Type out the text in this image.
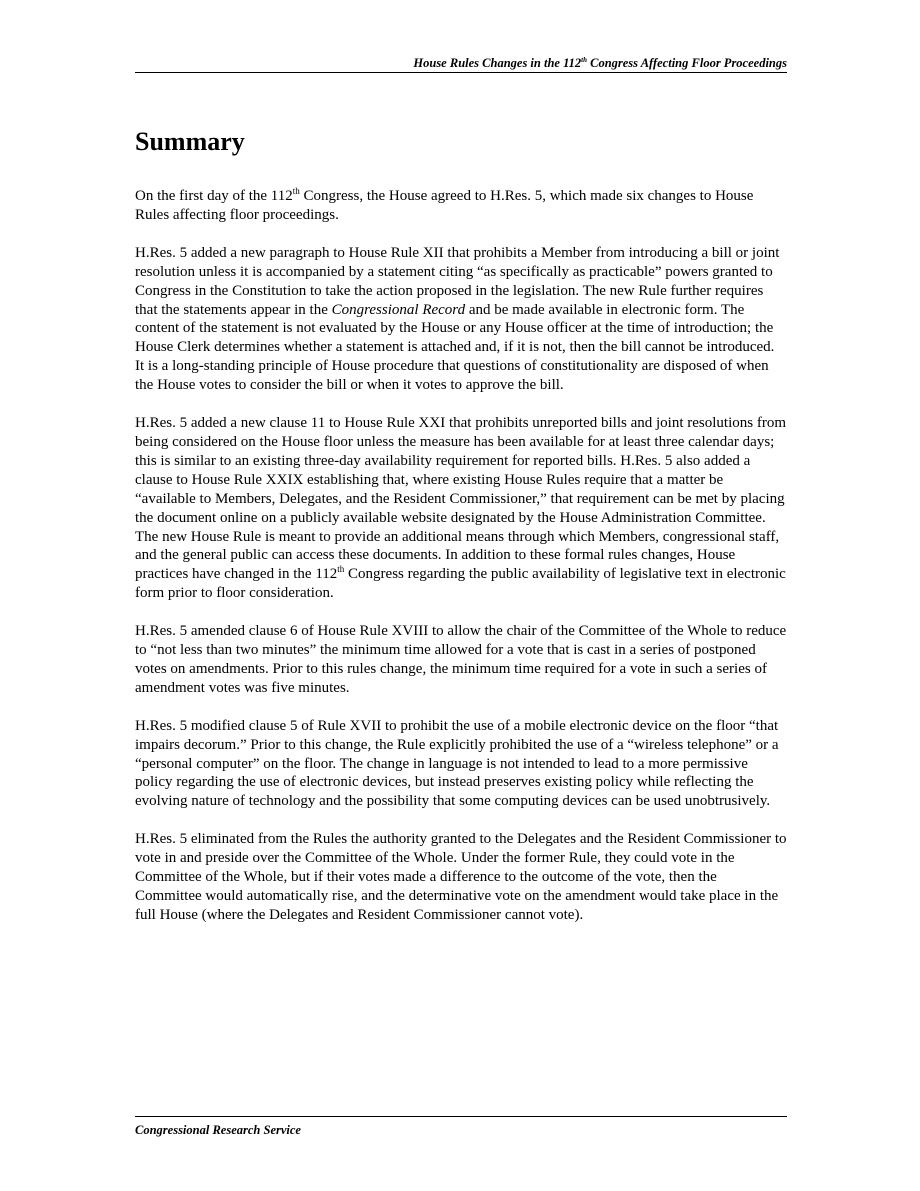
House Rules Changes in the 112th Congress Affecting Floor Proceedings
Summary

On the first day of the 112th Congress, the House agreed to H.Res. 5, which made six changes to House Rules affecting floor proceedings.

H.Res. 5 added a new paragraph to House Rule XII that prohibits a Member from introducing a bill or joint resolution unless it is accompanied by a statement citing “as specifically as practicable” powers granted to Congress in the Constitution to take the action proposed in the legislation. The new Rule further requires that the statements appear in the Congressional Record and be made available in electronic form. The content of the statement is not evaluated by the House or any House officer at the time of introduction; the House Clerk determines whether a statement is attached and, if it is not, then the bill cannot be introduced. It is a long-standing principle of House procedure that questions of constitutionality are disposed of when the House votes to consider the bill or when it votes to approve the bill.

H.Res. 5 added a new clause 11 to House Rule XXI that prohibits unreported bills and joint resolutions from being considered on the House floor unless the measure has been available for at least three calendar days; this is similar to an existing three-day availability requirement for reported bills. H.Res. 5 also added a clause to House Rule XXIX establishing that, where existing House Rules require that a matter be “available to Members, Delegates, and the Resident Commissioner,” that requirement can be met by placing the document online on a publicly available website designated by the House Administration Committee. The new House Rule is meant to provide an additional means through which Members, congressional staff, and the general public can access these documents. In addition to these formal rules changes, House practices have changed in the 112th Congress regarding the public availability of legislative text in electronic form prior to floor consideration.

H.Res. 5 amended clause 6 of House Rule XVIII to allow the chair of the Committee of the Whole to reduce to “not less than two minutes” the minimum time allowed for a vote that is cast in a series of postponed votes on amendments. Prior to this rules change, the minimum time required for a vote in such a series of amendment votes was five minutes.

H.Res. 5 modified clause 5 of Rule XVII to prohibit the use of a mobile electronic device on the floor “that impairs decorum.” Prior to this change, the Rule explicitly prohibited the use of a “wireless telephone” or a “personal computer” on the floor. The change in language is not intended to lead to a more permissive policy regarding the use of electronic devices, but instead preserves existing policy while reflecting the evolving nature of technology and the possibility that some computing devices can be used unobtrusively.

H.Res. 5 eliminated from the Rules the authority granted to the Delegates and the Resident Commissioner to vote in and preside over the Committee of the Whole. Under the former Rule, they could vote in the Committee of the Whole, but if their votes made a difference to the outcome of the vote, then the Committee would automatically rise, and the determinative vote on the amendment would take place in the full House (where the Delegates and Resident Commissioner cannot vote).

Congressional Research Service
